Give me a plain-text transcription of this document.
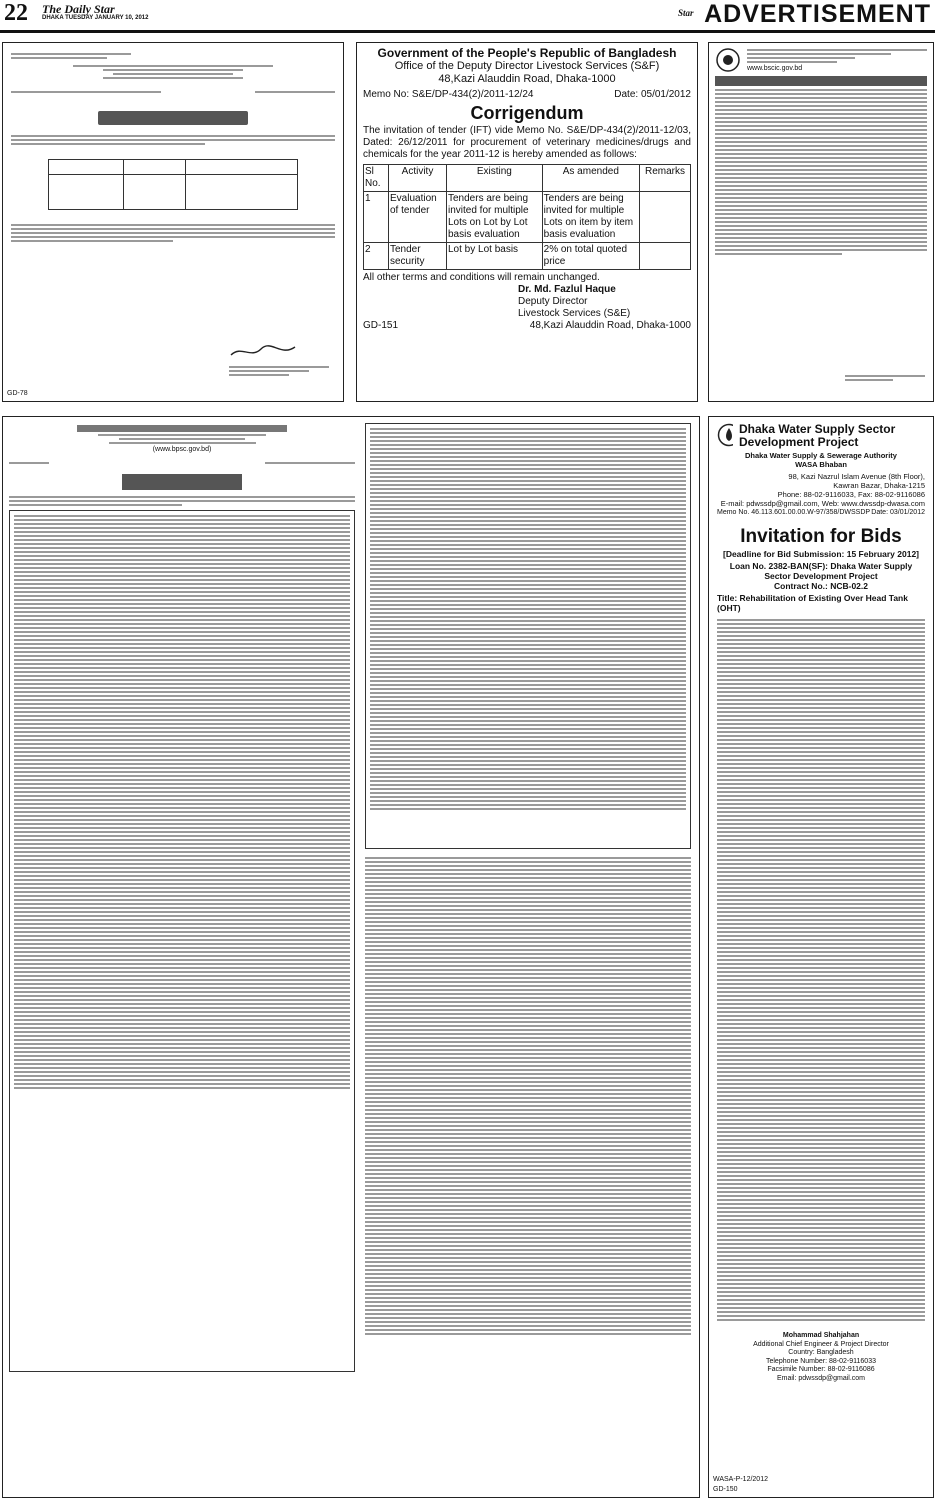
22 The Daily Star
DHAKA TUESDAY JANUARY 10, 2012	Star ADVERTISEMENT

GD-78
Government of the People's Republic of Bangladesh
Office of the Deputy Director Livestock Services (S&F)
48,Kazi Alauddin Road, Dhaka-1000
Memo No: S&E/DP-434(2)/2011-12/24	Date: 05/01/2012
Corrigendum
The invitation of tender (IFT) vide Memo No. S&E/DP-434(2)/2011-12/03, Dated: 26/12/2011 for procurement of veterinary medicines/drugs and chemicals for the year 2011-12 is hereby amended as follows:
Sl No.	Activity	Existing	As amended	Remarks
1	Evaluation of tender	Tenders are being invited for multiple Lots on Lot by Lot basis evaluation	Tenders are being invited for multiple Lots on item by item basis evaluation	
2	Tender security	Lot by Lot basis	2% on total quoted price	
All other terms and conditions will remain unchanged.
Dr. Md. Fazlul Haque
Deputy Director
Livestock Services (S&E)
GD-151	48,Kazi Alauddin Road, Dhaka-1000
www.bscic.gov.bd
(www.bpsc.gov.bd)
Dhaka Water Supply Sector Development Project
Dhaka Water Supply & Sewerage Authority
WASA Bhaban
98, Kazi Nazrul Islam Avenue (8th Floor),
Kawran Bazar, Dhaka-1215
Phone: 88-02-9116033, Fax: 88-02-9116086
E-mail: pdwssdp@gmail.com, Web: www.dwssdp-dwasa.com
Memo No. 46.113.601.00.00.W-97/358/DWSSDP Date: 03/01/2012
Invitation for Bids
[Deadline for Bid Submission: 15 February 2012]
Loan No. 2382-BAN(SF): Dhaka Water Supply Sector Development Project
Contract No.: NCB-02.2
Title: Rehabilitation of Existing Over Head Tank (OHT)
Mohammad Shahjahan
Additional Chief Engineer & Project Director
Country: Bangladesh
Telephone Number: 88-02-9116033
Facsimile Number: 88-02-9116086
Email: pdwssdp@gmail.com
WASA-P-12/2012
GD-150
